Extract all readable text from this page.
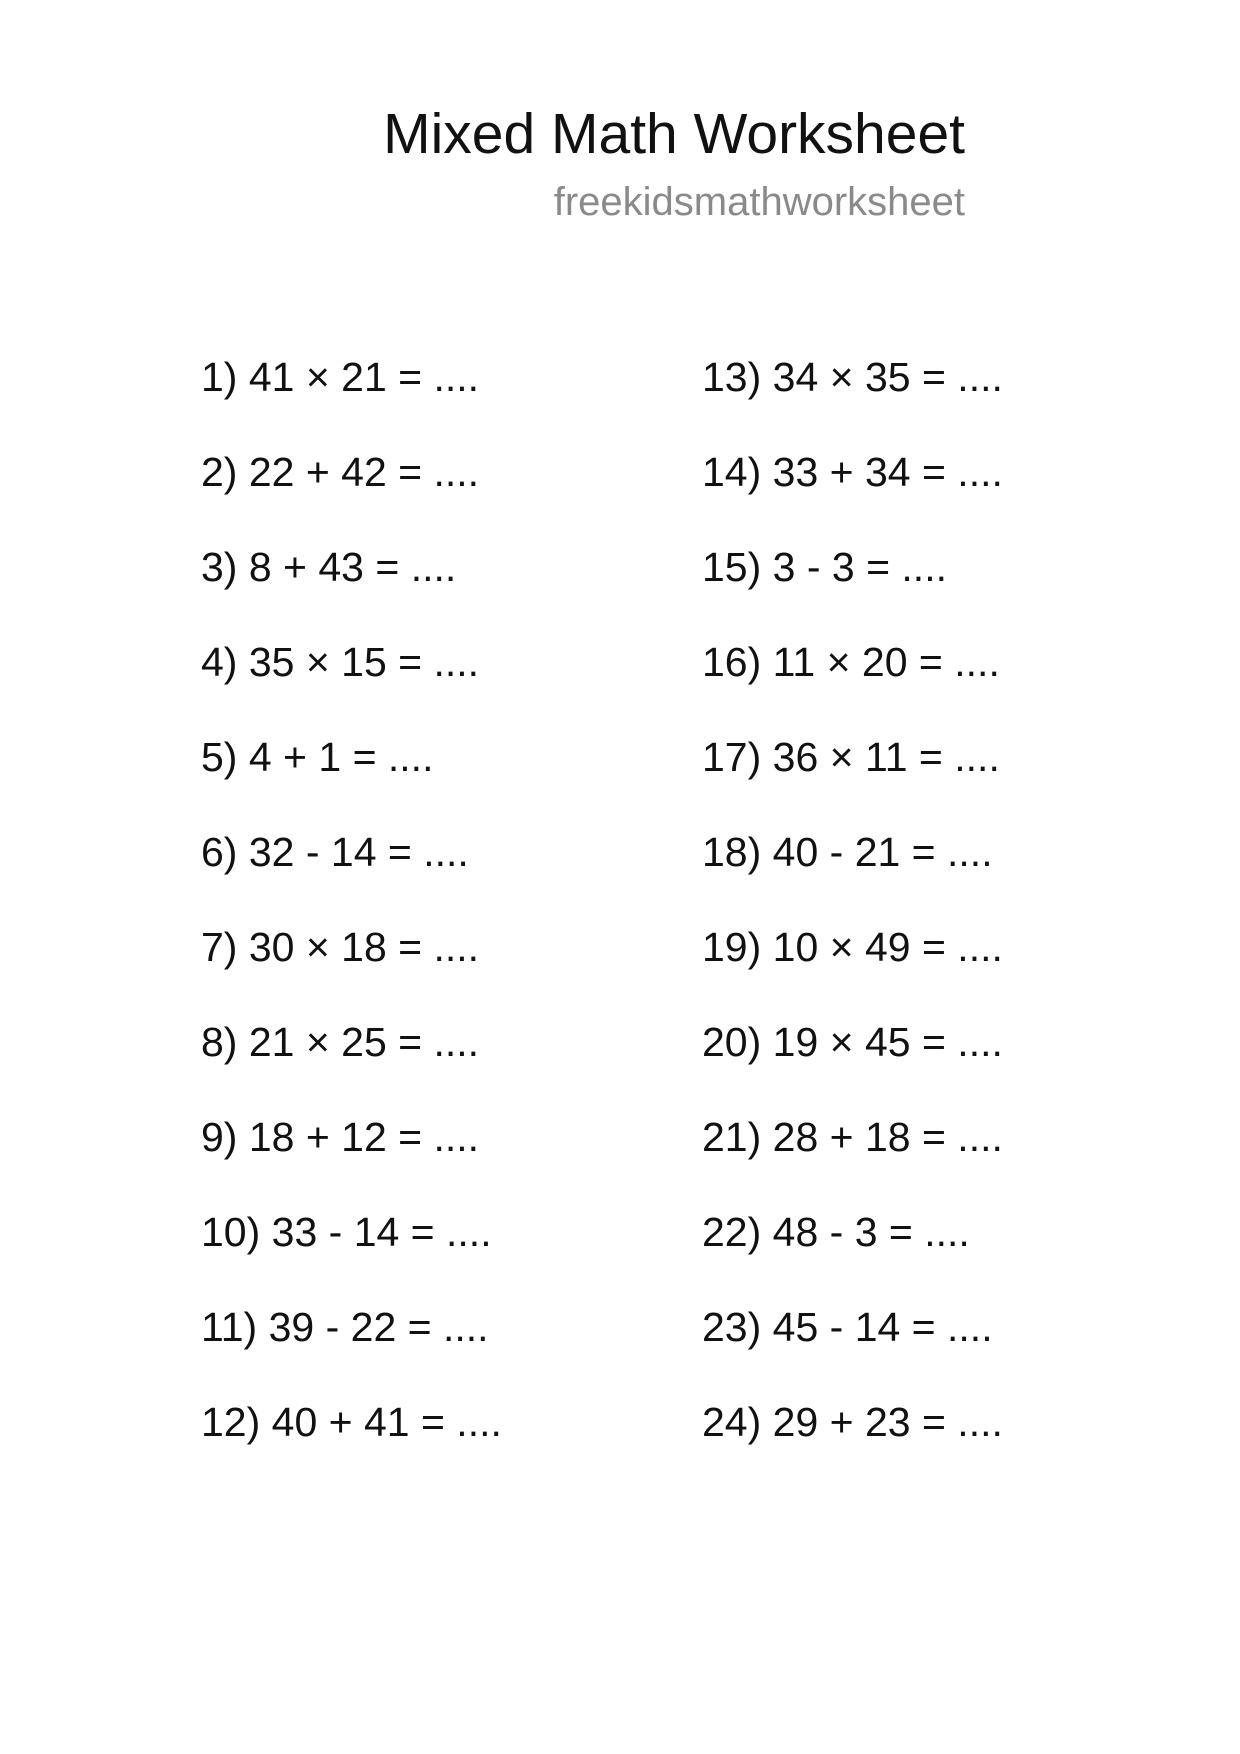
Mixed Math Worksheet
freekidsmathworksheet
1) 41 × 21 = ....
2) 22 + 42 = ....
3) 8 + 43 = ....
4) 35 × 15 = ....
5) 4 + 1 = ....
6) 32 - 14 = ....
7) 30 × 18 = ....
8) 21 × 25 = ....
9) 18 + 12 = ....
10) 33 - 14 = ....
11) 39 - 22 = ....
12) 40 + 41 = ....
13) 34 × 35 = ....
14) 33 + 34 = ....
15) 3 - 3 = ....
16) 11 × 20 = ....
17) 36 × 11 = ....
18) 40 - 21 = ....
19) 10 × 49 = ....
20) 19 × 45 = ....
21) 28 + 18 = ....
22) 48 - 3 = ....
23) 45 - 14 = ....
24) 29 + 23 = ....
